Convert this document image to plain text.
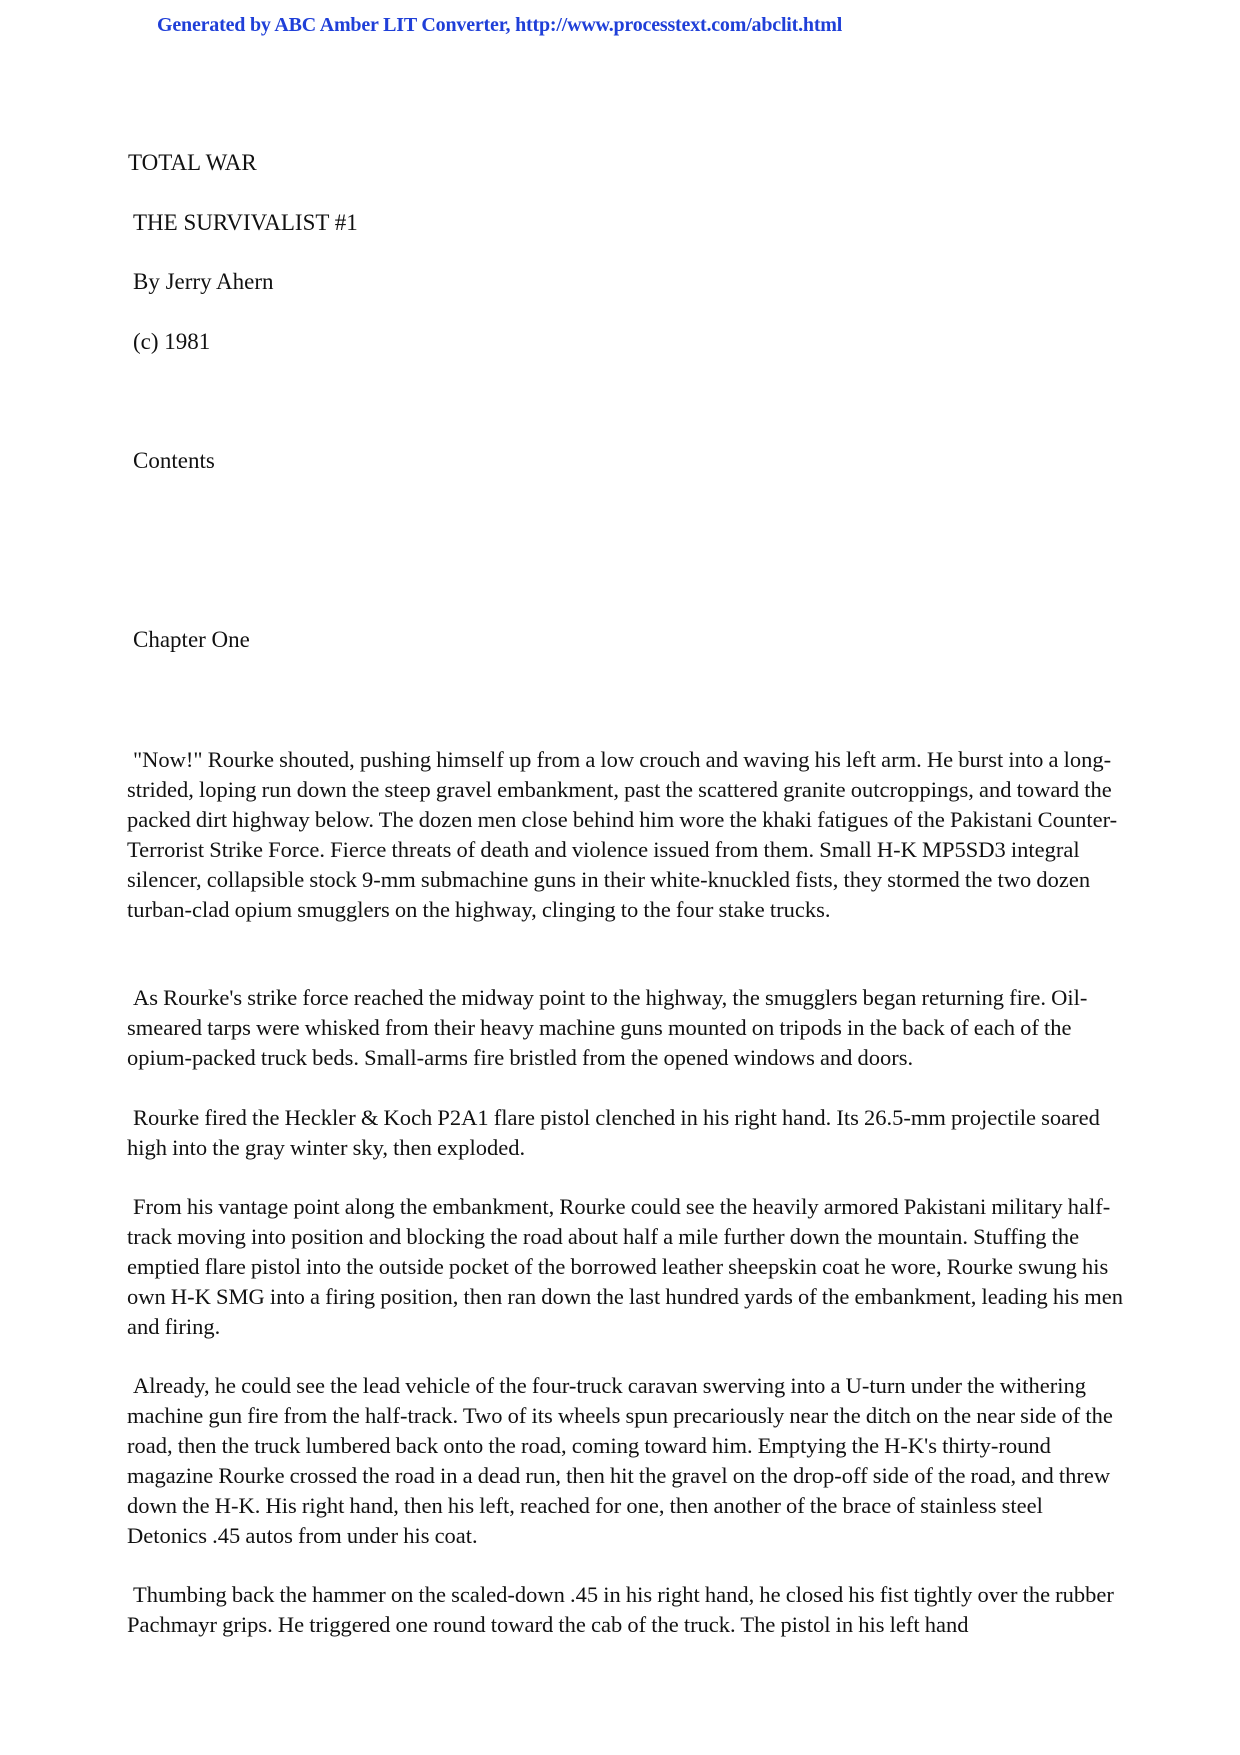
Generated by ABC Amber LIT Converter, http://www.processtext.com/abclit.html
TOTAL WAR
THE SURVIVALIST #1
By Jerry Ahern
(c) 1981
Contents
Chapter One

"Now!" Rourke shouted, pushing himself up from a low crouch and waving his left arm. He burst into a long-strided, loping run down the steep gravel embankment, past the scattered granite outcroppings, and toward the packed dirt highway below. The dozen men close behind him wore the khaki fatigues of the Pakistani Counter-Terrorist Strike Force. Fierce threats of death and violence issued from them. Small H-K MP5SD3 integral silencer, collapsible stock 9-mm submachine guns in their white-knuckled fists, they stormed the two dozen turban-clad opium smugglers on the highway, clinging to the four stake trucks.

As Rourke's strike force reached the midway point to the highway, the smugglers began returning fire. Oil-smeared tarps were whisked from their heavy machine guns mounted on tripods in the back of each of the opium-packed truck beds. Small-arms fire bristled from the opened windows and doors.

Rourke fired the Heckler & Koch P2A1 flare pistol clenched in his right hand. Its 26.5-mm projectile soared high into the gray winter sky, then exploded.

From his vantage point along the embankment, Rourke could see the heavily armored Pakistani military half-track moving into position and blocking the road about half a mile further down the mountain. Stuffing the emptied flare pistol into the outside pocket of the borrowed leather sheepskin coat he wore, Rourke swung his own H-K SMG into a firing position, then ran down the last hundred yards of the embankment, leading his men and firing.

Already, he could see the lead vehicle of the four-truck caravan swerving into a U-turn under the withering machine gun fire from the half-track. Two of its wheels spun precariously near the ditch on the near side of the road, then the truck lumbered back onto the road, coming toward him. Emptying the H-K's thirty-round magazine Rourke crossed the road in a dead run, then hit the gravel on the drop-off side of the road, and threw down the H-K. His right hand, then his left, reached for one, then another of the brace of stainless steel Detonics .45 autos from under his coat.

Thumbing back the hammer on the scaled-down .45 in his right hand, he closed his fist tightly over the rubber Pachmayr grips. He triggered one round toward the cab of the truck. The pistol in his left hand
